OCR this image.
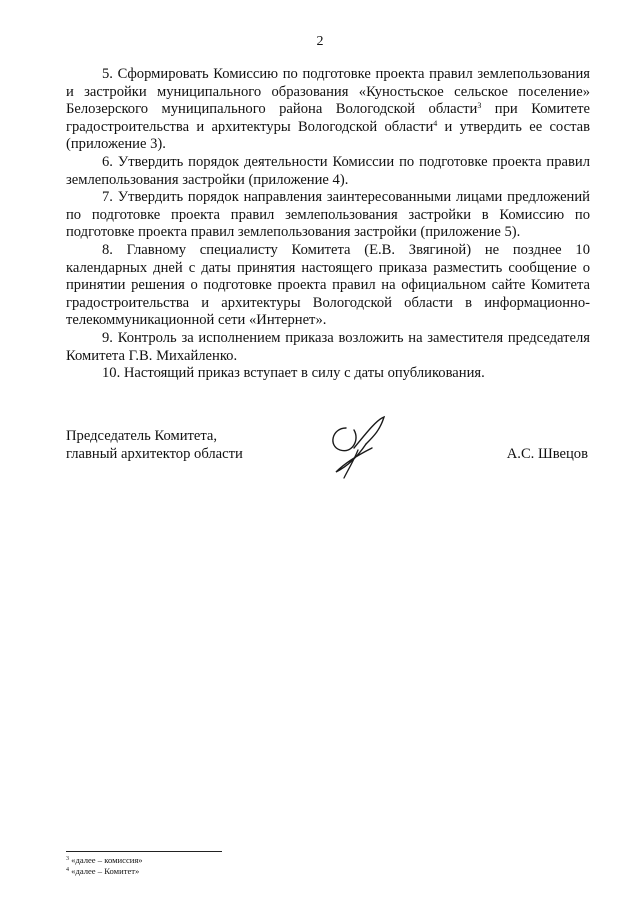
2

5. Сформировать Комиссию по подготовке проекта правил землепользования и застройки муниципального образования «Куностьское сельское поселение» Белозерского муниципального района Вологодской области$^3$ при Комитете градостроительства и архитектуры Вологодской области$^4$ и утвердить ее состав (приложение 3).

6. Утвердить порядок деятельности Комиссии по подготовке проекта правил землепользования застройки (приложение 4).

7. Утвердить порядок направления заинтересованными лицами предложений по подготовке проекта правил землепользования застройки в Комиссию по подготовке проекта правил землепользования застройки (приложение 5).

8. Главному специалисту Комитета (Е.В. Звягиной) не позднее 10 календарных дней с даты принятия настоящего приказа разместить сообщение о принятии решения о подготовке проекта правил на официальном сайте Комитета градостроительства и архитектуры Вологодской области в информационно-телекоммуникационной сети «Интернет».

9. Контроль за исполнением приказа возложить на заместителя председателя Комитета Г.В. Михайленко.

10. Настоящий приказ вступает в силу с даты опубликования.

Председатель Комитета,
главный архитектор области	А.С. Швецов
$^3$ «далее – комиссия»
$^4$ «далее – Комитет»
